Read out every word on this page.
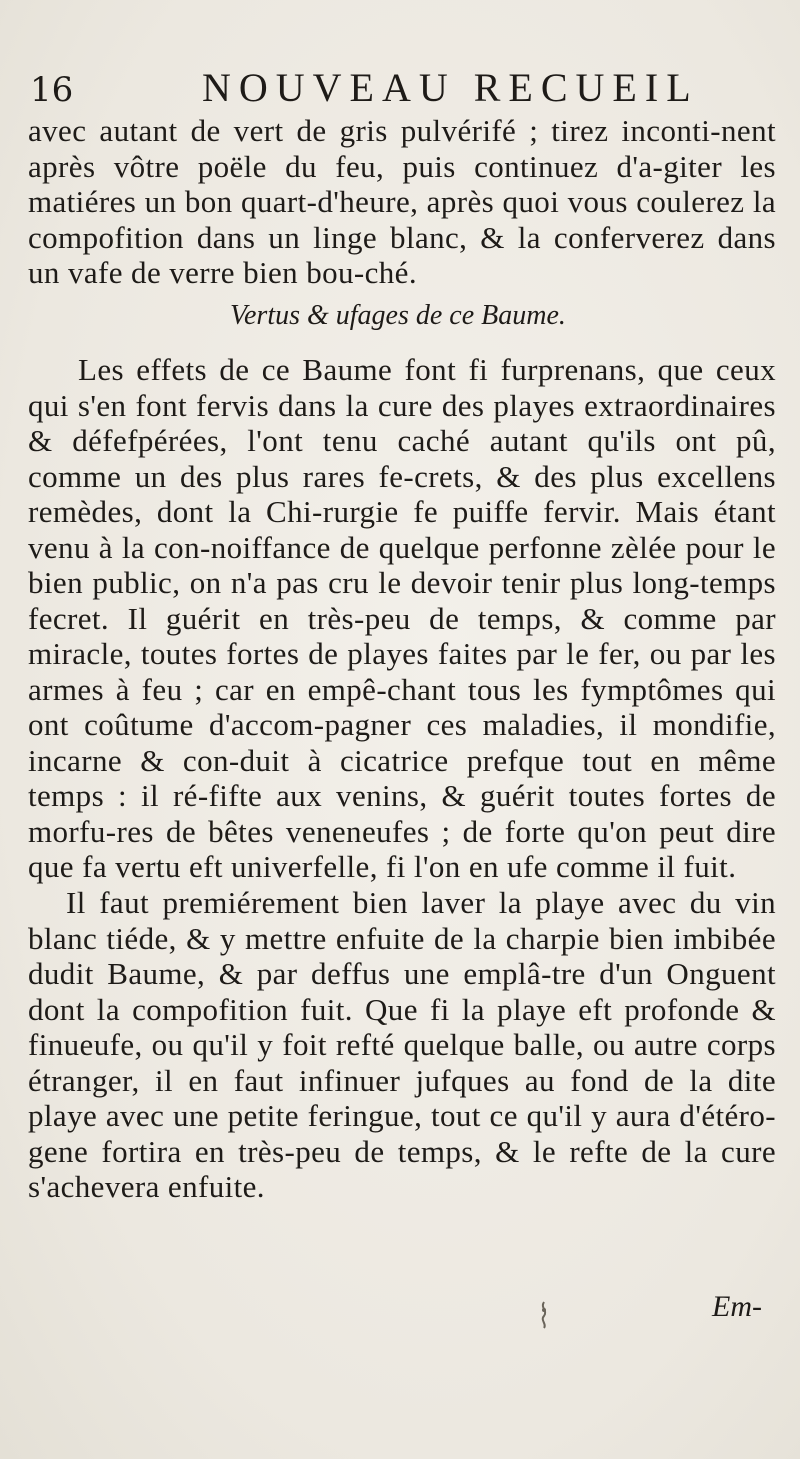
16	NOUVEAU RECUEIL

avec autant de vert de gris pulvérifé ; tirez inconti-nent après vôtre poële du feu, puis continuez d'a-giter les matiéres un bon quart-d'heure, après quoi vous coulerez la compofition dans un linge blanc, & la conferverez dans un vafe de verre bien bou-ché.

Vertus & ufages de ce Baume.

Les effets de ce Baume font fi furprenans, que ceux qui s'en font fervis dans la cure des playes extraordinaires & défefpérées, l'ont tenu caché autant qu'ils ont pû, comme un des plus rares fe-crets, & des plus excellens remèdes, dont la Chi-rurgie fe puiffe fervir. Mais étant venu à la con-noiffance de quelque perfonne zèlée pour le bien public, on n'a pas cru le devoir tenir plus long-temps fecret. Il guérit en très-peu de temps, & comme par miracle, toutes fortes de playes faites par le fer, ou par les armes à feu ; car en empê-chant tous les fymptômes qui ont coûtume d'accom-pagner ces maladies, il mondifie, incarne & con-duit à cicatrice prefque tout en même temps : il ré-fifte aux venins, & guérit toutes fortes de morfu-res de bêtes veneneufes ; de forte qu'on peut dire que fa vertu eft univerfelle, fi l'on en ufe comme il fuit.

Il faut premiérement bien laver la playe avec du vin blanc tiéde, & y mettre enfuite de la charpie bien imbibée dudit Baume, & par deffus une emplâ-tre d'un Onguent dont la compofition fuit. Que fi la playe eft profonde & finueufe, ou qu'il y foit refté quelque balle, ou autre corps étranger, il en faut infinuer jufques au fond de la dite playe avec une petite feringue, tout ce qu'il y aura d'étéro-gene fortira en très-peu de temps, & le refte de la cure s'achevera enfuite.

Em-
